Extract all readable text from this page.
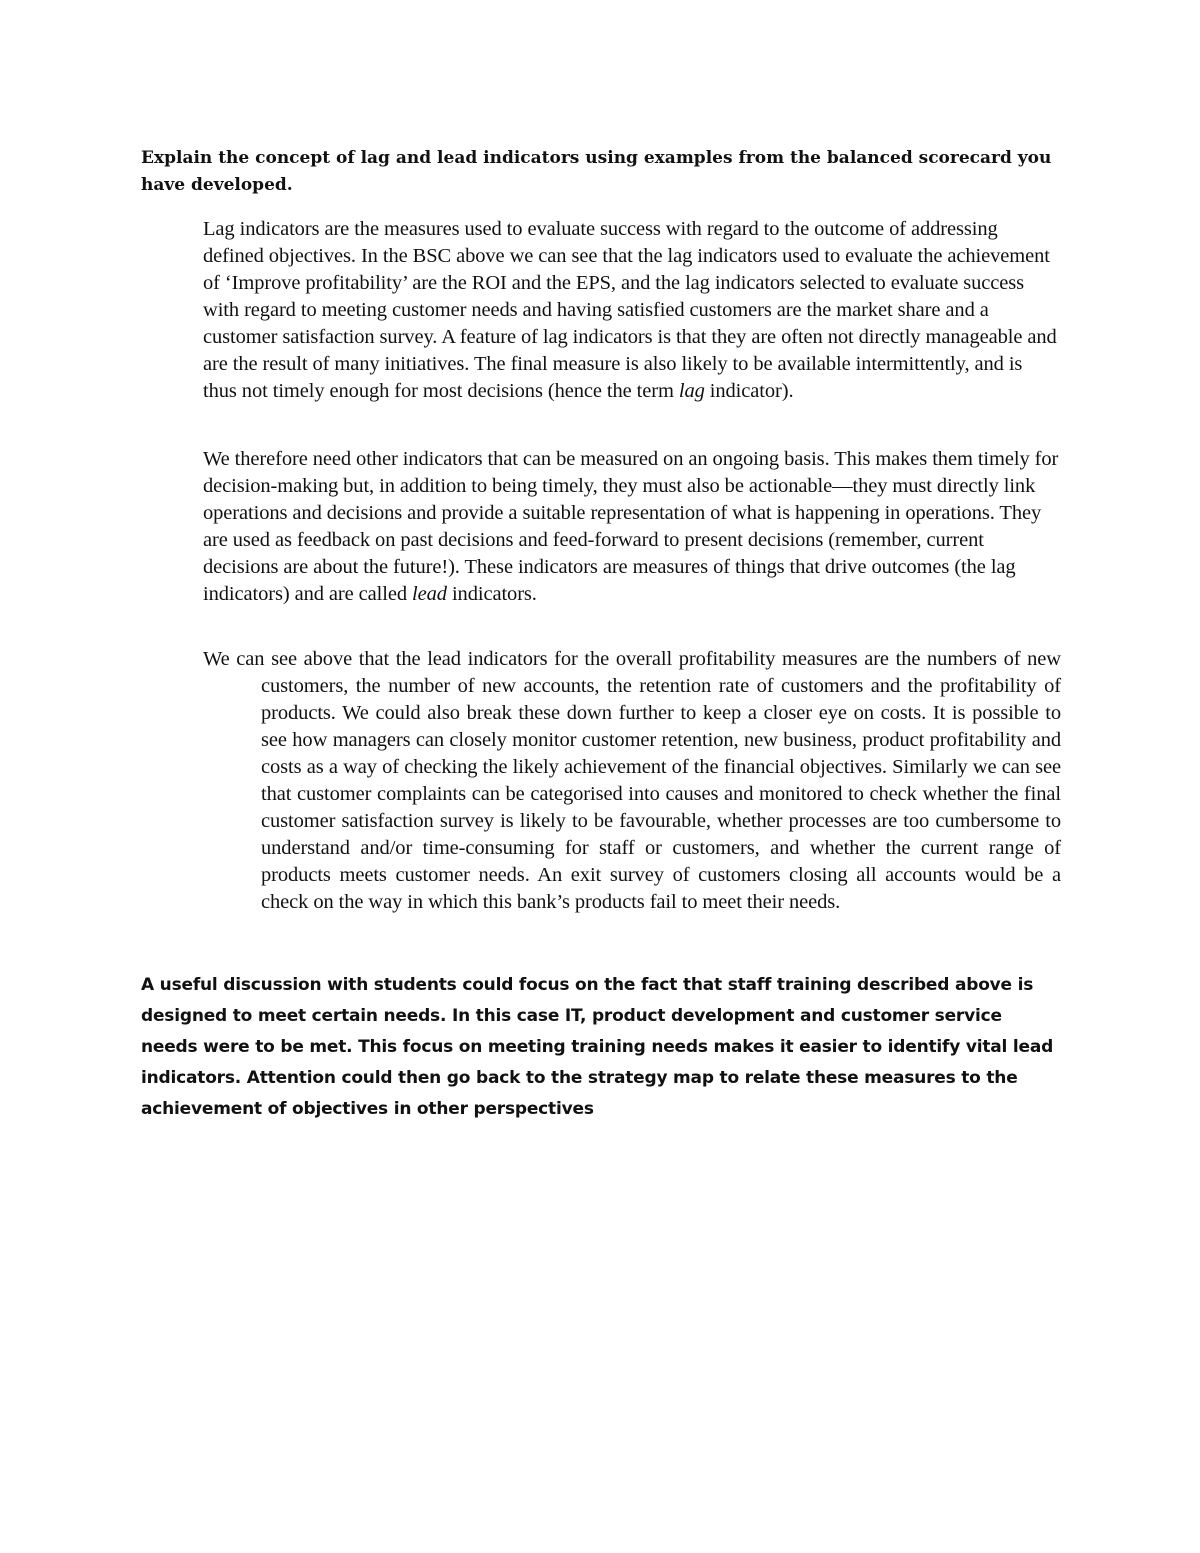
Explain the concept of lag and lead indicators using examples from the balanced scorecard you have developed.

Lag indicators are the measures used to evaluate success with regard to the outcome of addressing defined objectives. In the BSC above we can see that the lag indicators used to evaluate the achievement of ‘Improve profitability’ are the ROI and the EPS, and the lag indicators selected to evaluate success with regard to meeting customer needs and having satisfied customers are the market share and a customer satisfaction survey. A feature of lag indicators is that they are often not directly manageable and are the result of many initiatives. The final measure is also likely to be available intermittently, and is thus not timely enough for most decisions (hence the term lag indicator).

We therefore need other indicators that can be measured on an ongoing basis. This makes them timely for decision-making but, in addition to being timely, they must also be actionable—they must directly link operations and decisions and provide a suitable representation of what is happening in operations. They are used as feedback on past decisions and feed-forward to present decisions (remember, current decisions are about the future!). These indicators are measures of things that drive outcomes (the lag indicators) and are called lead indicators.

We can see above that the lead indicators for the overall profitability measures are the numbers of new customers, the number of new accounts, the retention rate of customers and the profitability of products. We could also break these down further to keep a closer eye on costs. It is possible to see how managers can closely monitor customer retention, new business, product profitability and costs as a way of checking the likely achievement of the financial objectives. Similarly we can see that customer complaints can be categorised into causes and monitored to check whether the final customer satisfaction survey is likely to be favourable, whether processes are too cumbersome to understand and/or time-consuming for staff or customers, and whether the current range of products meets customer needs. An exit survey of customers closing all accounts would be a check on the way in which this bank’s products fail to meet their needs.

A useful discussion with students could focus on the fact that staff training described above is designed to meet certain needs. In this case IT, product development and customer service needs were to be met. This focus on meeting training needs makes it easier to identify vital lead indicators. Attention could then go back to the strategy map to relate these measures to the achievement of objectives in other perspectives
